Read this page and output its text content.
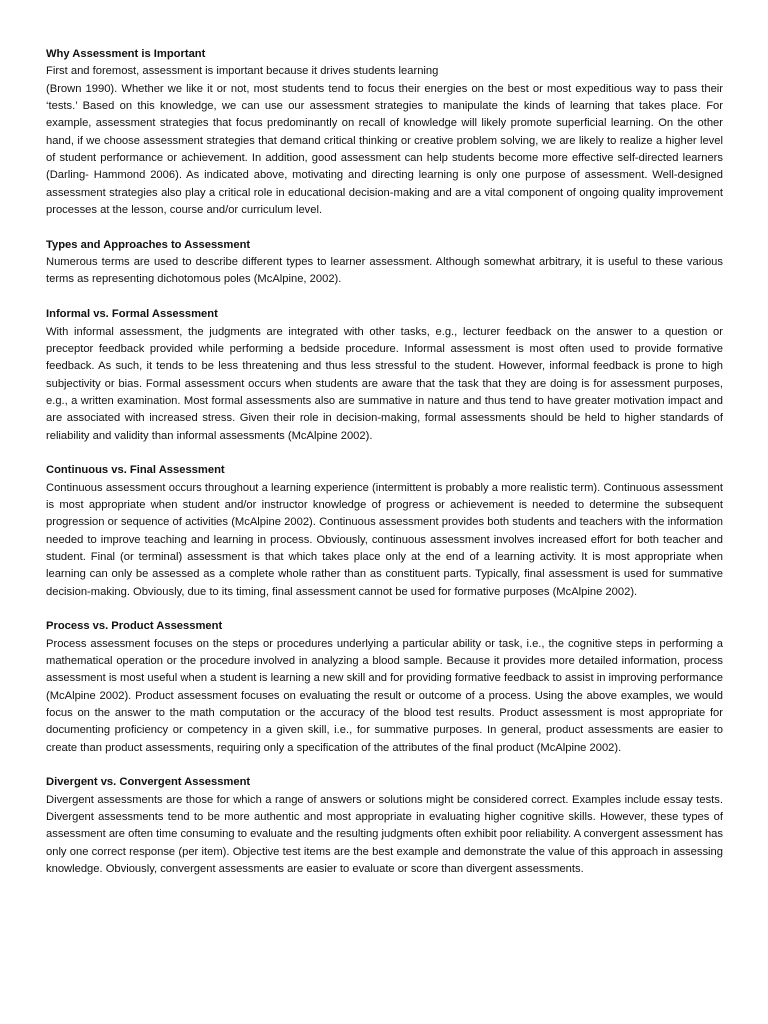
Why Assessment is Important

First and foremost, assessment is important because it drives students learning

(Brown 1990). Whether we like it or not, most students tend to focus their energies on the best or most expeditious way to pass their ‘tests.’ Based on this knowledge, we can use our assessment strategies to manipulate the kinds of learning that takes place. For example, assessment strategies that focus predominantly on recall of knowledge will likely promote superficial learning. On the other hand, if we choose assessment strategies that demand critical thinking or creative problem solving, we are likely to realize a higher level of student performance or achievement. In addition, good assessment can help students become more effective self-directed learners (Darling- Hammond 2006). As indicated above, motivating and directing learning is only one purpose of assessment. Well-designed assessment strategies also play a critical role in educational decision-making and are a vital component of ongoing quality improvement processes at the lesson, course and/or curriculum level.

Types and Approaches to Assessment

Numerous terms are used to describe different types to learner assessment. Although somewhat arbitrary, it is useful to these various terms as representing dichotomous poles (McAlpine, 2002).

Informal vs. Formal Assessment

With informal assessment, the judgments are integrated with other tasks, e.g., lecturer feedback on the answer to a question or preceptor feedback provided while performing a bedside procedure. Informal assessment is most often used to provide formative feedback. As such, it tends to be less threatening and thus less stressful to the student. However, informal feedback is prone to high subjectivity or bias. Formal assessment occurs when students are aware that the task that they are doing is for assessment purposes, e.g., a written examination. Most formal assessments also are summative in nature and thus tend to have greater motivation impact and are associated with increased stress. Given their role in decision-making, formal assessments should be held to higher standards of reliability and validity than informal assessments (McAlpine 2002).

Continuous vs. Final Assessment

Continuous assessment occurs throughout a learning experience (intermittent is probably a more realistic term). Continuous assessment is most appropriate when student and/or instructor knowledge of progress or achievement is needed to determine the subsequent progression or sequence of activities (McAlpine 2002). Continuous assessment provides both students and teachers with the information needed to improve teaching and learning in process. Obviously, continuous assessment involves increased effort for both teacher and student. Final (or terminal) assessment is that which takes place only at the end of a learning activity. It is most appropriate when learning can only be assessed as a complete whole rather than as constituent parts. Typically, final assessment is used for summative decision-making. Obviously, due to its timing, final assessment cannot be used for formative purposes (McAlpine 2002).

Process vs. Product Assessment

Process assessment focuses on the steps or procedures underlying a particular ability or task, i.e., the cognitive steps in performing a mathematical operation or the procedure involved in analyzing a blood sample. Because it provides more detailed information, process assessment is most useful when a student is learning a new skill and for providing formative feedback to assist in improving performance (McAlpine 2002). Product assessment focuses on evaluating the result or outcome of a process. Using the above examples, we would focus on the answer to the math computation or the accuracy of the blood test results. Product assessment is most appropriate for documenting proficiency or competency in a given skill, i.e., for summative purposes. In general, product assessments are easier to create than product assessments, requiring only a specification of the attributes of the final product (McAlpine 2002).

Divergent vs. Convergent Assessment

Divergent assessments are those for which a range of answers or solutions might be considered correct. Examples include essay tests. Divergent assessments tend to be more authentic and most appropriate in evaluating higher cognitive skills. However, these types of assessment are often time consuming to evaluate and the resulting judgments often exhibit poor reliability. A convergent assessment has only one correct response (per item). Objective test items are the best example and demonstrate the value of this approach in assessing knowledge. Obviously, convergent assessments are easier to evaluate or score than divergent assessments.
